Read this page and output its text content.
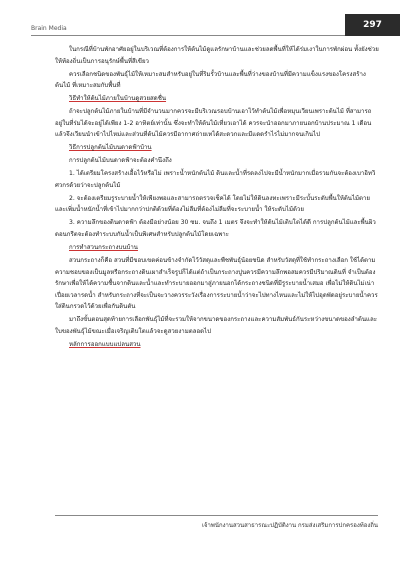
Brain Media	297

ในกรณีที่บ้านพักอาศัยอยู่ในบริเวณที่ต้องการให้ต้นไม้ดูแลรักษาบ้านและช่วยลดพื้นที่ให้ได้ร่มเงาในการพักผ่อน ทั้งยังช่วยให้ท้องถิ่นเป็นการอนุรักษ์พื้นที่สีเขียว

ควรเลือกชนิดของพันธุ์ไม้ให้เหมาะสมสำหรับอยู่ในที่ริมรั้วบ้านและพื้นที่ว่างของบ้านที่มีความแข็งแรงของโครงสร้างต้นไม้ ที่เหมาะสมกับพื้นที่

วิธีทำให้ต้นไม้ภายในบ้านดูสวยสดชื่น

ถ้าจะปลูกต้นไม้ภายในบ้านที่มีจำนวนมากควรจะมีบริเวณรอบบ้านเอาไว้ทำต้นไม้เพื่อหมุนเวียนเพราะต้นไม้ ที่สามารถ อยู่ในที่ร่มได้จะอยู่ได้เพียง 1-2 อาทิตย์เท่านั้น ซึ่งจะทำให้ต้นไม้เที่ยวเอาได้ ควรจะนำออกมาภายนอกบ้านประมาณ 1 เดือน แล้วจึงเวียนนำเข้าไปไหม่และส่วนที่ต้นไม้ควรมีอากาศถ่ายเทได้สะดวกและมีแดดรำไรไม่มากจนเกินไป

วิธีการปลูกต้นไม้บนดาดฟ้าบ้าน

การปลูกต้นไม้บนดาดฟ้าจะต้องคำนึงถึง

1. ได้เตรียมโครงสร้างเอื้อไว้หรือไม่ เพราะน้ำหนักต้นไม้ ดินและน้ำที่รดลงไปจะมีน้ำหนักมากเมื่อรวมกันจะต้องเบาอิทวิศวกรด้วยว่าจะปลูกต้นไม้

2. จะต้องเตรียมรูระบายน้ำให้เพียงพอและสามารถตรวจเช็คได้ โดยไม่ให้ดินลงทะเพราะมีระบั้นระดับพื้นให้ต้นไม้ตายและเพิ่มน้ำหนักน้ำที่เข้าไปมากกว่าปกติด้วยที่ต้องไม่ลืมที่ต้องไม่ลืมที่จะระบายน้ำ ให้ระดับไม้ด้วย

3. ความลึกของดินดาดฟ้า ต้องมีอย่างน้อย 30 ซม. จนถึง 1 เมตร จึงจะทำให้ต้นไม้เติบโตได้ดี การปลูกต้นไม้และพื้นผิวดอนกรีตจะต้องทำระบบกันน้ำเป็นพิเศษสำหรับปลูกต้นไม้โดยเฉพาะ

การทำสวนกระถางบนบ้าน

สวนกระถางก็คือ สวนที่มีขอบเขตค่อนข้างจำกัดไว้วัสดุและพืชพันธุ์น้อยชนิด สำหรับวัสดุที่ใช้ทำกระถางเลือก ใช้ได้ตามความชอบของเป็นมูลหรือกระถางดินเผาสำเร็จรูปก็ได้แต่ถ้าเป็นกระถางปูนควรมีความลึกพอสมควรมีปริมาณดินที่ จำเป็นต้องรักษาเพื่อให้ได้ความชื้นจากดินและน้ำและทำระบายออกมาสู่ภายนอกได้กระถางชนิดที่มีรูระบายน้ำเสมอ เพื่อไม่ให้ดินไม่เน่าเปื่อยเวลารดน้ำ สำหรับกระถางที่จะเป็นจะวางควรระวังเรื่องการระบายน้ำว่าจะไปทางไหนและไม่ให้ไปอุดพัดอยู่ระบายน้ำควรใส่ดินกรวดไว้ด้วยเพื่อกันดินตัน

มาถึงขั้นตอนสุดท้ายการเลือกพันธุ์ไม้ที่จะรวมให้จากขนาดของกระถางและความสัมพันธ์กันระหว่างขนาดของลำต้นและใบของพันธุ์ไม้ขณะเมื่อเจริญเติบโตแล้วจะดูสวยงามตลอดไป

หลักการออกแบบแปลนสวน

เจ้าพนักงานสวนสาธารณะปฏิบัติงาน กรมส่งเสริมการปกครองท้องถิ่น
